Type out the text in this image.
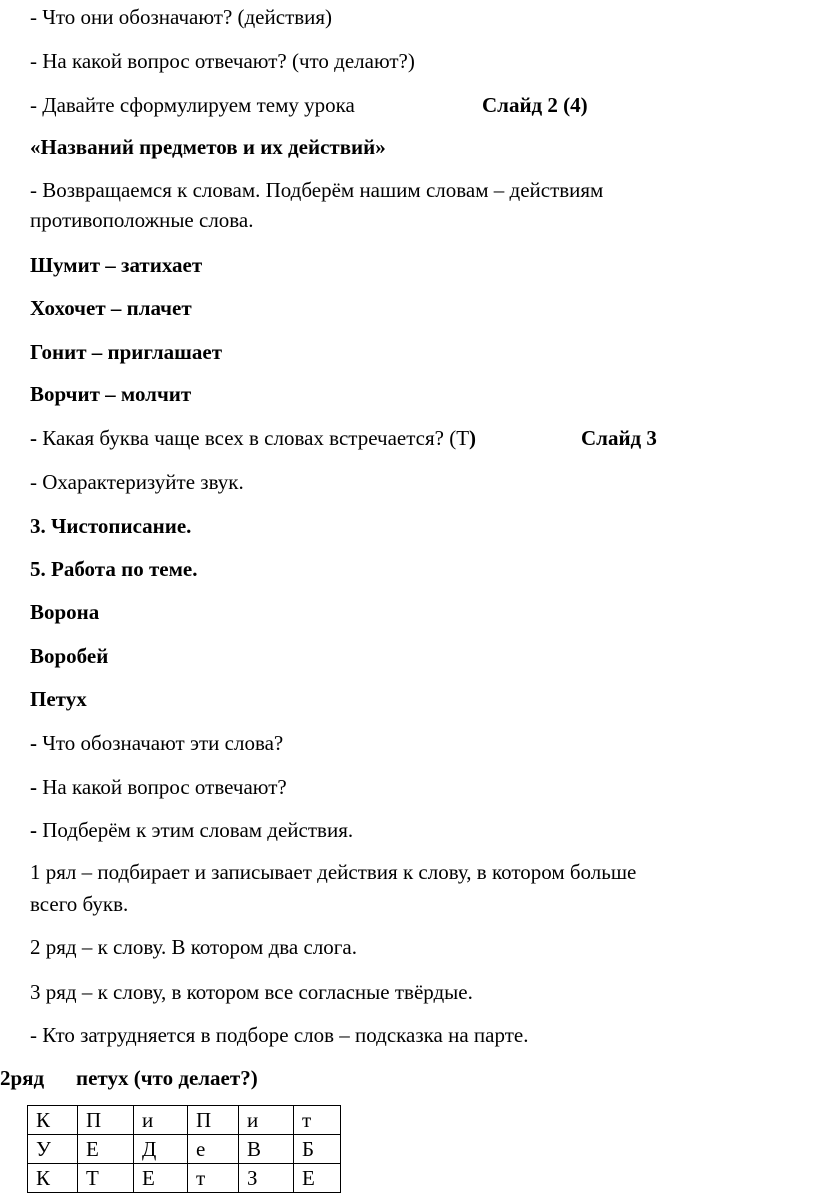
- Что они обозначают? (действия)

- На какой вопрос отвечают? (что делают?)

- Давайте сформулируем тему урока	Слайд 2 (4)

«Названий предметов и их действий»

- Возвращаемся к словам. Подберём нашим словам – действиям

противоположные слова.

Шумит – затихает

Хохочет – плачет

Гонит – приглашает

Ворчит – молчит

- Какая буква чаще всех в словах встречается? (Т)	Слайд 3

- Охарактеризуйте звук.

3. Чистописание.

5. Работа по теме.

Ворона

Воробей

Петух

- Что обозначают эти слова?

- На какой вопрос отвечают?

- Подберём к этим словам действия.

1 рял – подбирает и записывает действия к слову, в котором больше

всего букв.

2 ряд – к слову. В котором два слога.

3 ряд – к слову, в котором все согласные твёрдые.

- Кто затрудняется в подборе слов – подсказка на парте.

2ряд петух (что делает?)

К	П	и	П	и	т
У	Е	Д	е	В	Б
К	Т	Е	т	З	Е
